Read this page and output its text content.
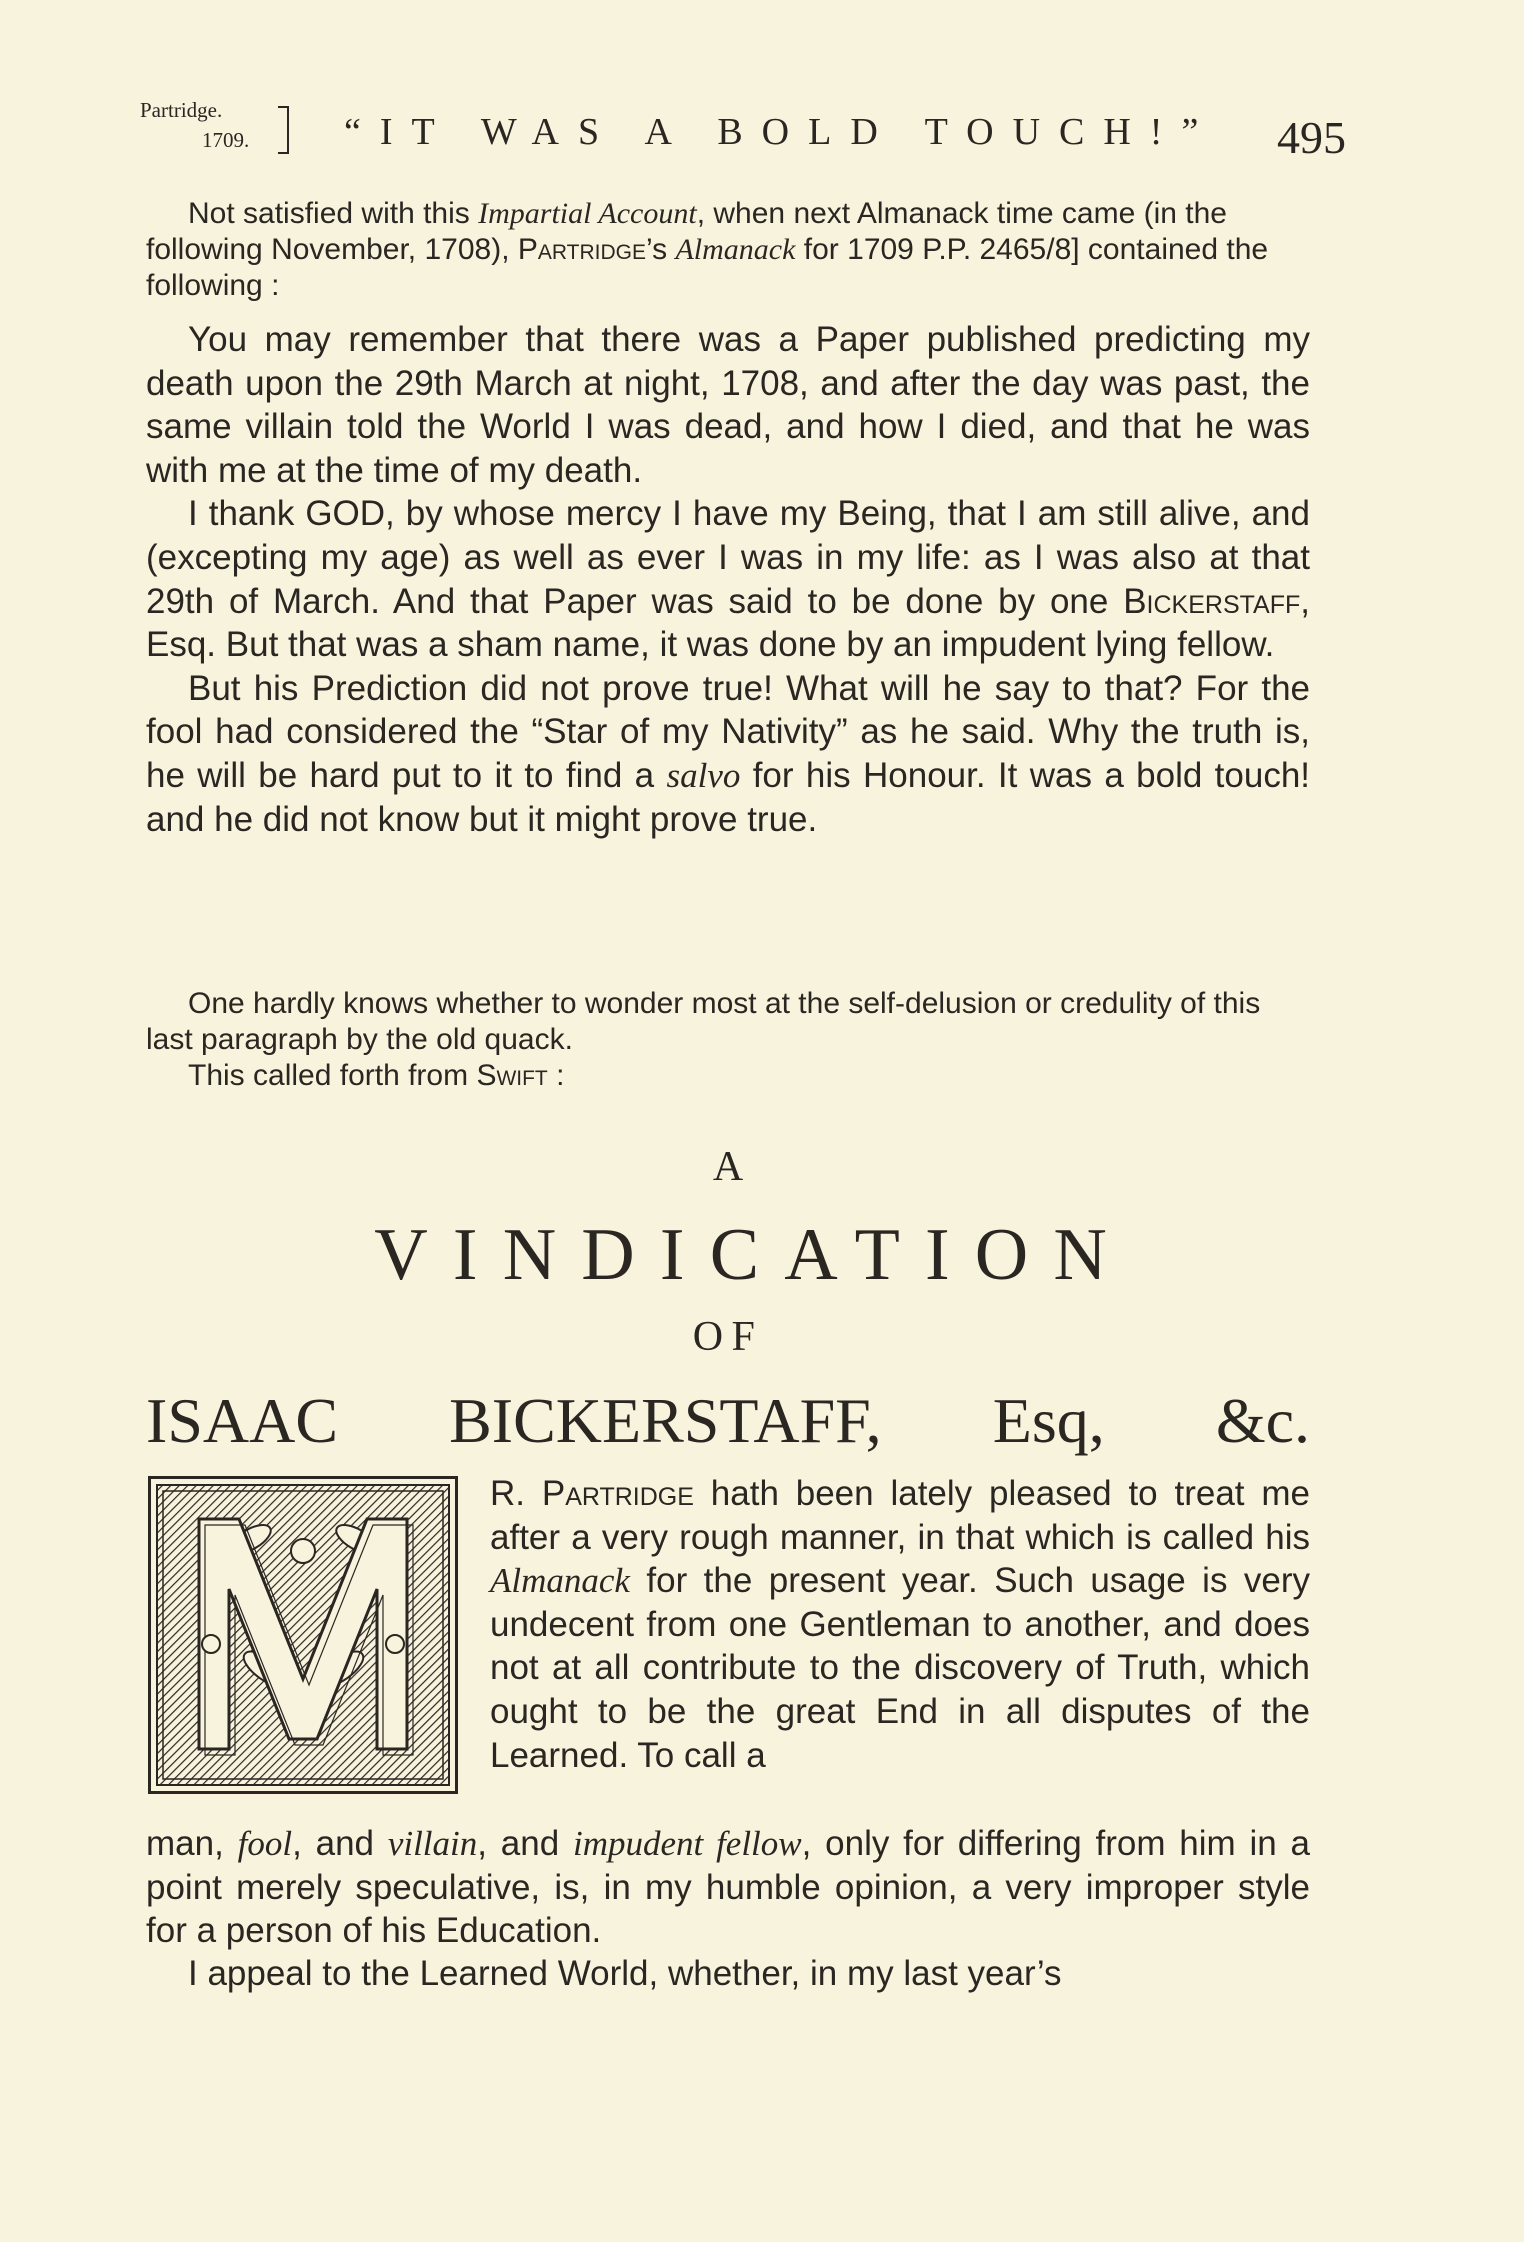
Partridge.
1709. “IT WAS A BOLD TOUCH!”	495
Not satisfied with this Impartial Account, when next Almanack time came (in the following November, 1708), Partridge’s Almanack for 1709 P.P. 2465/8] contained the following :
You may remember that there was a Paper published predicting my death upon the 29th March at night, 1708, and after the day was past, the same villain told the World I was dead, and how I died, and that he was with me at the time of my death.
I thank GOD, by whose mercy I have my Being, that I am still alive, and (excepting my age) as well as ever I was in my life: as I was also at that 29th of March. And that Paper was said to be done by one Bickerstaff, Esq. But that was a sham name, it was done by an impudent lying fellow.
But his Prediction did not prove true! What will he say to that? For the fool had considered the “Star of my Nativity” as he said. Why the truth is, he will be hard put to it to find a salvo for his Honour. It was a bold touch! and he did not know but it might prove true.
One hardly knows whether to wonder most at the self-delusion or credulity of this last paragraph by the old quack.
This called forth from Swift :
A
VINDICATION
OF
ISAAC BICKERSTAFF, Esq, &c.
R. Partridge hath been lately pleased to treat me after a very rough manner, in that which is called his Almanack for the present year. Such usage is very undecent from one Gentleman to another, and does not at all contribute to the discovery of Truth, which ought to be the great End in all disputes of the Learned. To call a
man, fool, and villain, and impudent fellow, only for differing from him in a point merely speculative, is, in my humble opinion, a very improper style for a person of his Education.
I appeal to the Learned World, whether, in my last year’s
